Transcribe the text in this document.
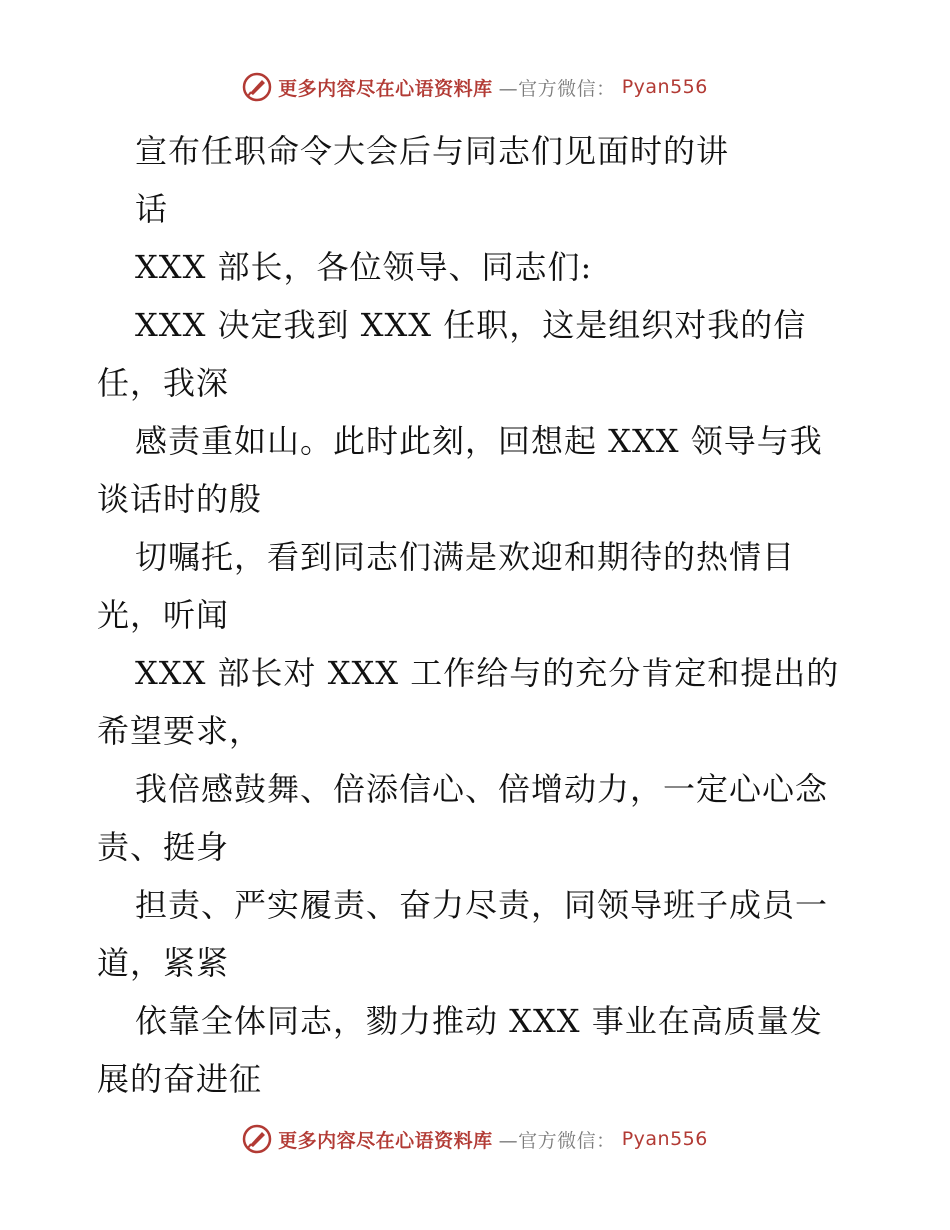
更多内容尽在心语资料库 —官方微信： Pyan556
宣布任职命令大会后与同志们见面时的讲
话
XXX 部长，各位领导、同志们:
XXX 决定我到 XXX 任职，这是组织对我的信
任，我深
感责重如山。此时此刻，回想起 XXX 领导与我
谈话时的殷
切嘱托，看到同志们满是欢迎和期待的热情目
光，听闻
XXX 部长对 XXX 工作给与的充分肯定和提出的
希望要求，
我倍感鼓舞、倍添信心、倍增动力，一定心心念
责、挺身
担责、严实履责、奋力尽责，同领导班子成员一
道，紧紧
依靠全体同志，勠力推动 XXX 事业在高质量发
展的奋进征
更多内容尽在心语资料库 —官方微信： Pyan556
